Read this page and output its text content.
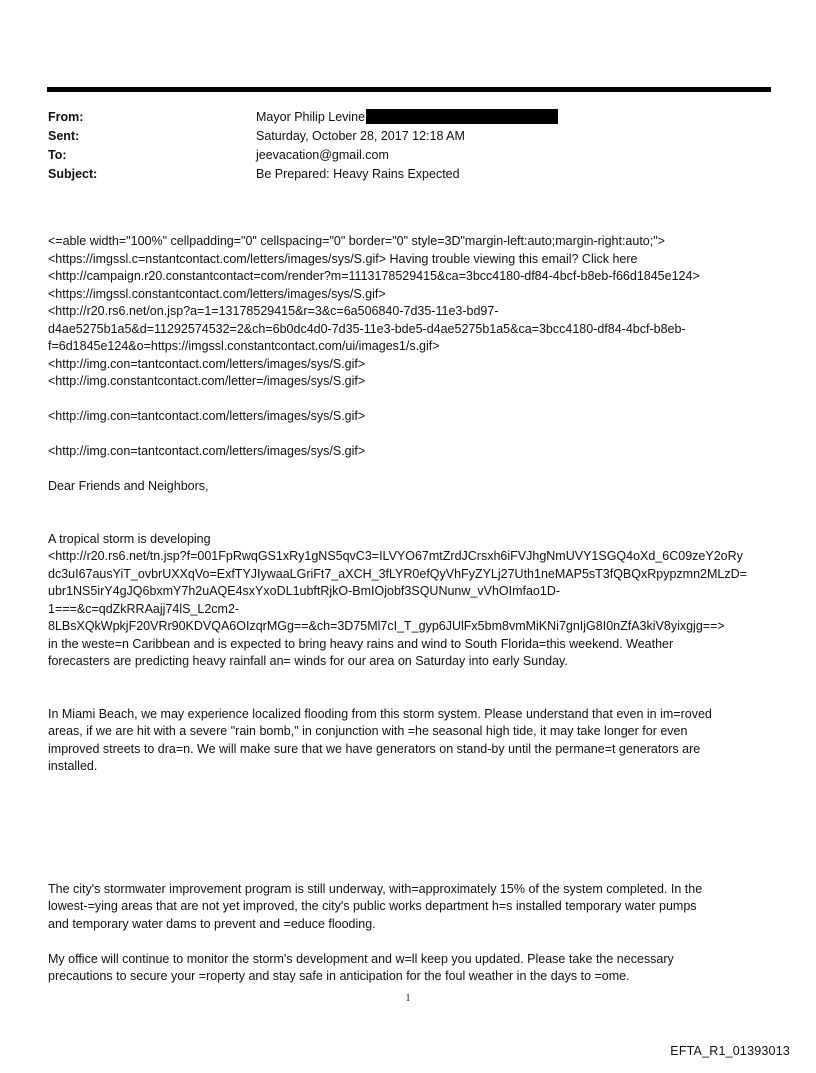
From:	Mayor Philip Levine
Sent:	Saturday, October 28, 2017 12:18 AM
To:	jeevacation@gmail.com
Subject:	Be Prepared: Heavy Rains Expected
<=able width="100%" cellpadding="0" cellspacing="0" border="0" style=3D"margin-left:auto;margin-right:auto;">
<https://imgssl.c=nstantcontact.com/letters/images/sys/S.gif> Having trouble viewing this email? Click here
<http://campaign.r20.constantcontact=com/render?m=1113178529415&ca=3bcc4180-df84-4bcf-b8eb-f66d1845e124>
<https://imgssl.constantcontact.com/letters/images/sys/S.gif>
<http://r20.rs6.net/on.jsp?a=1=13178529415&r=3&c=6a506840-7d35-11e3-bd97-
d4ae5275b1a5&d=11292574532=2&ch=6b0dc4d0-7d35-11e3-bde5-d4ae5275b1a5&ca=3bcc4180-df84-4bcf-b8eb-
f=6d1845e124&o=https://imgssl.constantcontact.com/ui/images1/s.gif>
<http://img.con=tantcontact.com/letters/images/sys/S.gif>
<http://img.constantcontact.com/letter=/images/sys/S.gif>
<http://img.con=tantcontact.com/letters/images/sys/S.gif>
<http://img.con=tantcontact.com/letters/images/sys/S.gif>
Dear Friends and Neighbors,
A tropical storm is developing
<http://r20.rs6.net/tn.jsp?f=001FpRwqGS1xRy1gNS5qvC3=ILVYO67mtZrdJCrsxh6iFVJhgNmUVY1SGQ4oXd_6C09zeY2oRy
dc3uI67ausYiT_ovbrUXXqVo=ExfTYJIywaaLGriFt7_aXCH_3fLYR0efQyVhFyZYLj27Uth1neMAP5sT3fQBQxRpypzmn2MLzD=
ubr1NS5irY4gJQ6bxmY7h2uAQE4sxYxoDL1ubftRjkO-BmIOjobf3SQUNunw_vVhOImfao1D-
1===&c=qdZkRRAajj74lS_L2cm2-
8LBsXQkWpkjF20VRr90KDVQA6OIzqrMGg==&ch=3D75Ml7cI_T_gyp6JUlFx5bm8vmMiKNi7gnIjG8I0nZfA3kiV8yixgjg==>
in the weste=n Caribbean and is expected to bring heavy rains and wind to South Florida=this weekend. Weather
forecasters are predicting heavy rainfall an= winds for our area on Saturday into early Sunday.
In Miami Beach, we may experience localized flooding from this storm system. Please understand that even in im=roved
areas, if we are hit with a severe "rain bomb," in conjunction with =he seasonal high tide, it may take longer for even
improved streets to dra=n. We will make sure that we have generators on stand-by until the permane=t generators are
installed.
The city's stormwater improvement program is still underway, with=approximately 15% of the system completed. In the
lowest-=ying areas that are not yet improved, the city's public works department h=s installed temporary water pumps
and temporary water dams to prevent and =educe flooding.
My office will continue to monitor the storm's development and w=ll keep you updated. Please take the necessary
precautions to secure your =roperty and stay safe in anticipation for the foul weather in the days to =ome.
1
EFTA_R1_01393013
